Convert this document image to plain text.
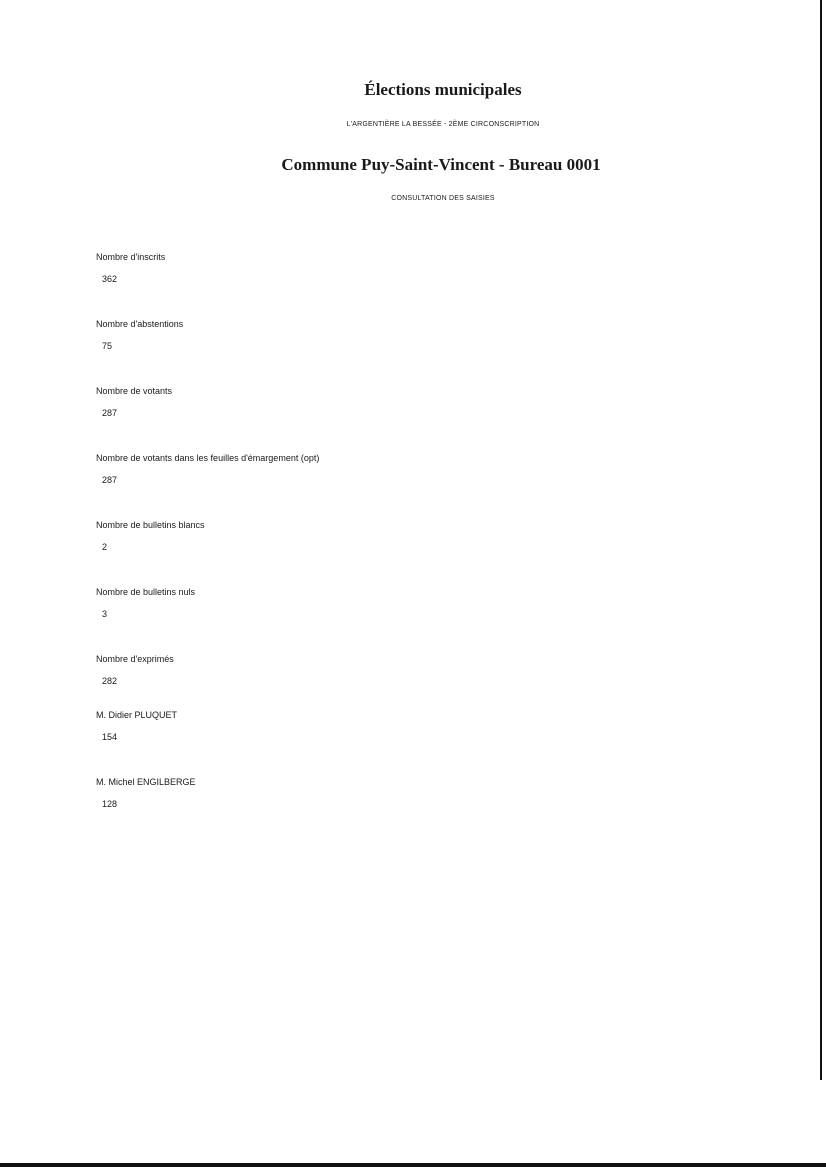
Élections municipales
L'ARGENTIÈRE LA BESSÉE - 2ÈME CIRCONSCRIPTION
Commune Puy-Saint-Vincent - Bureau 0001
CONSULTATION DES SAISIES
Nombre d'inscrits
362
Nombre d'abstentions
75
Nombre de votants
287
Nombre de votants dans les feuilles d'émargement (opt)
287
Nombre de bulletins blancs
2
Nombre de bulletins nuls
3
Nombre d'exprimés
282
M. Didier PLUQUET
154
M. Michel ENGILBERGE
128
